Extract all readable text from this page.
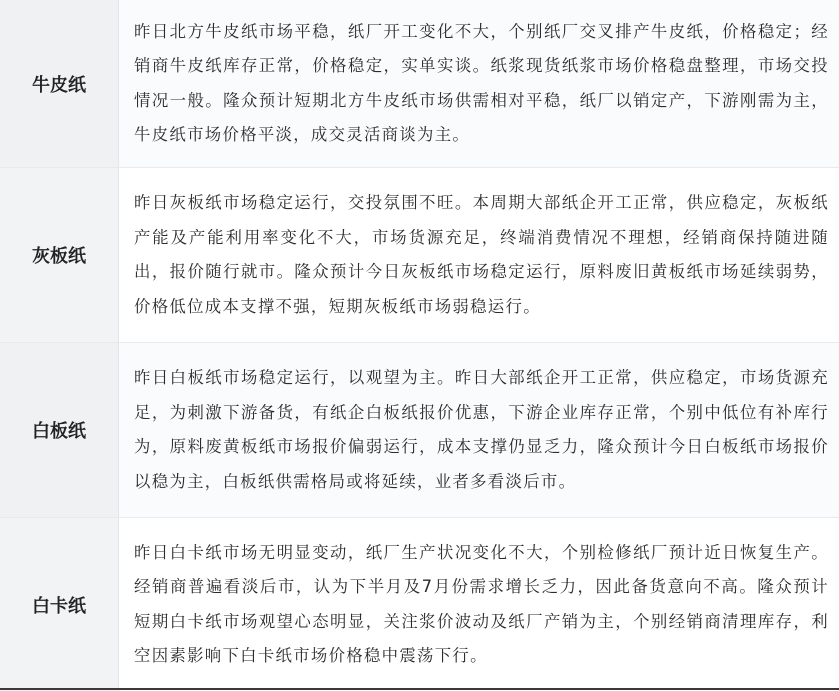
牛皮纸	昨日北方牛皮纸市场平稳，纸厂开工变化不大，个别纸厂交叉排产牛皮纸，价格稳定；经销商牛皮纸库存正常，价格稳定，实单实谈。纸浆现货纸浆市场价格稳盘整理，市场交投情况一般。隆众预计短期北方牛皮纸市场供需相对平稳，纸厂以销定产，下游刚需为主，牛皮纸市场价格平淡，成交灵活商谈为主。

灰板纸	昨日灰板纸市场稳定运行，交投氛围不旺。本周期大部纸企开工正常，供应稳定，灰板纸产能及产能利用率变化不大，市场货源充足，终端消费情况不理想，经销商保持随进随出，报价随行就市。隆众预计今日灰板纸市场稳定运行，原料废旧黄板纸市场延续弱势，价格低位成本支撑不强，短期灰板纸市场弱稳运行。

白板纸	昨日白板纸市场稳定运行，以观望为主。昨日大部纸企开工正常，供应稳定，市场货源充足，为刺激下游备货，有纸企白板纸报价优惠，下游企业库存正常，个别中低位有补库行为，原料废黄板纸市场报价偏弱运行，成本支撑仍显乏力，隆众预计今日白板纸市场报价以稳为主，白板纸供需格局或将延续，业者多看淡后市。

白卡纸	昨日白卡纸市场无明显变动，纸厂生产状况变化不大，个别检修纸厂预计近日恢复生产。经销商普遍看淡后市，认为下半月及7月份需求增长乏力，因此备货意向不高。隆众预计短期白卡纸市场观望心态明显，关注浆价波动及纸厂产销为主，个别经销商清理库存，利空因素影响下白卡纸市场价格稳中震荡下行。
